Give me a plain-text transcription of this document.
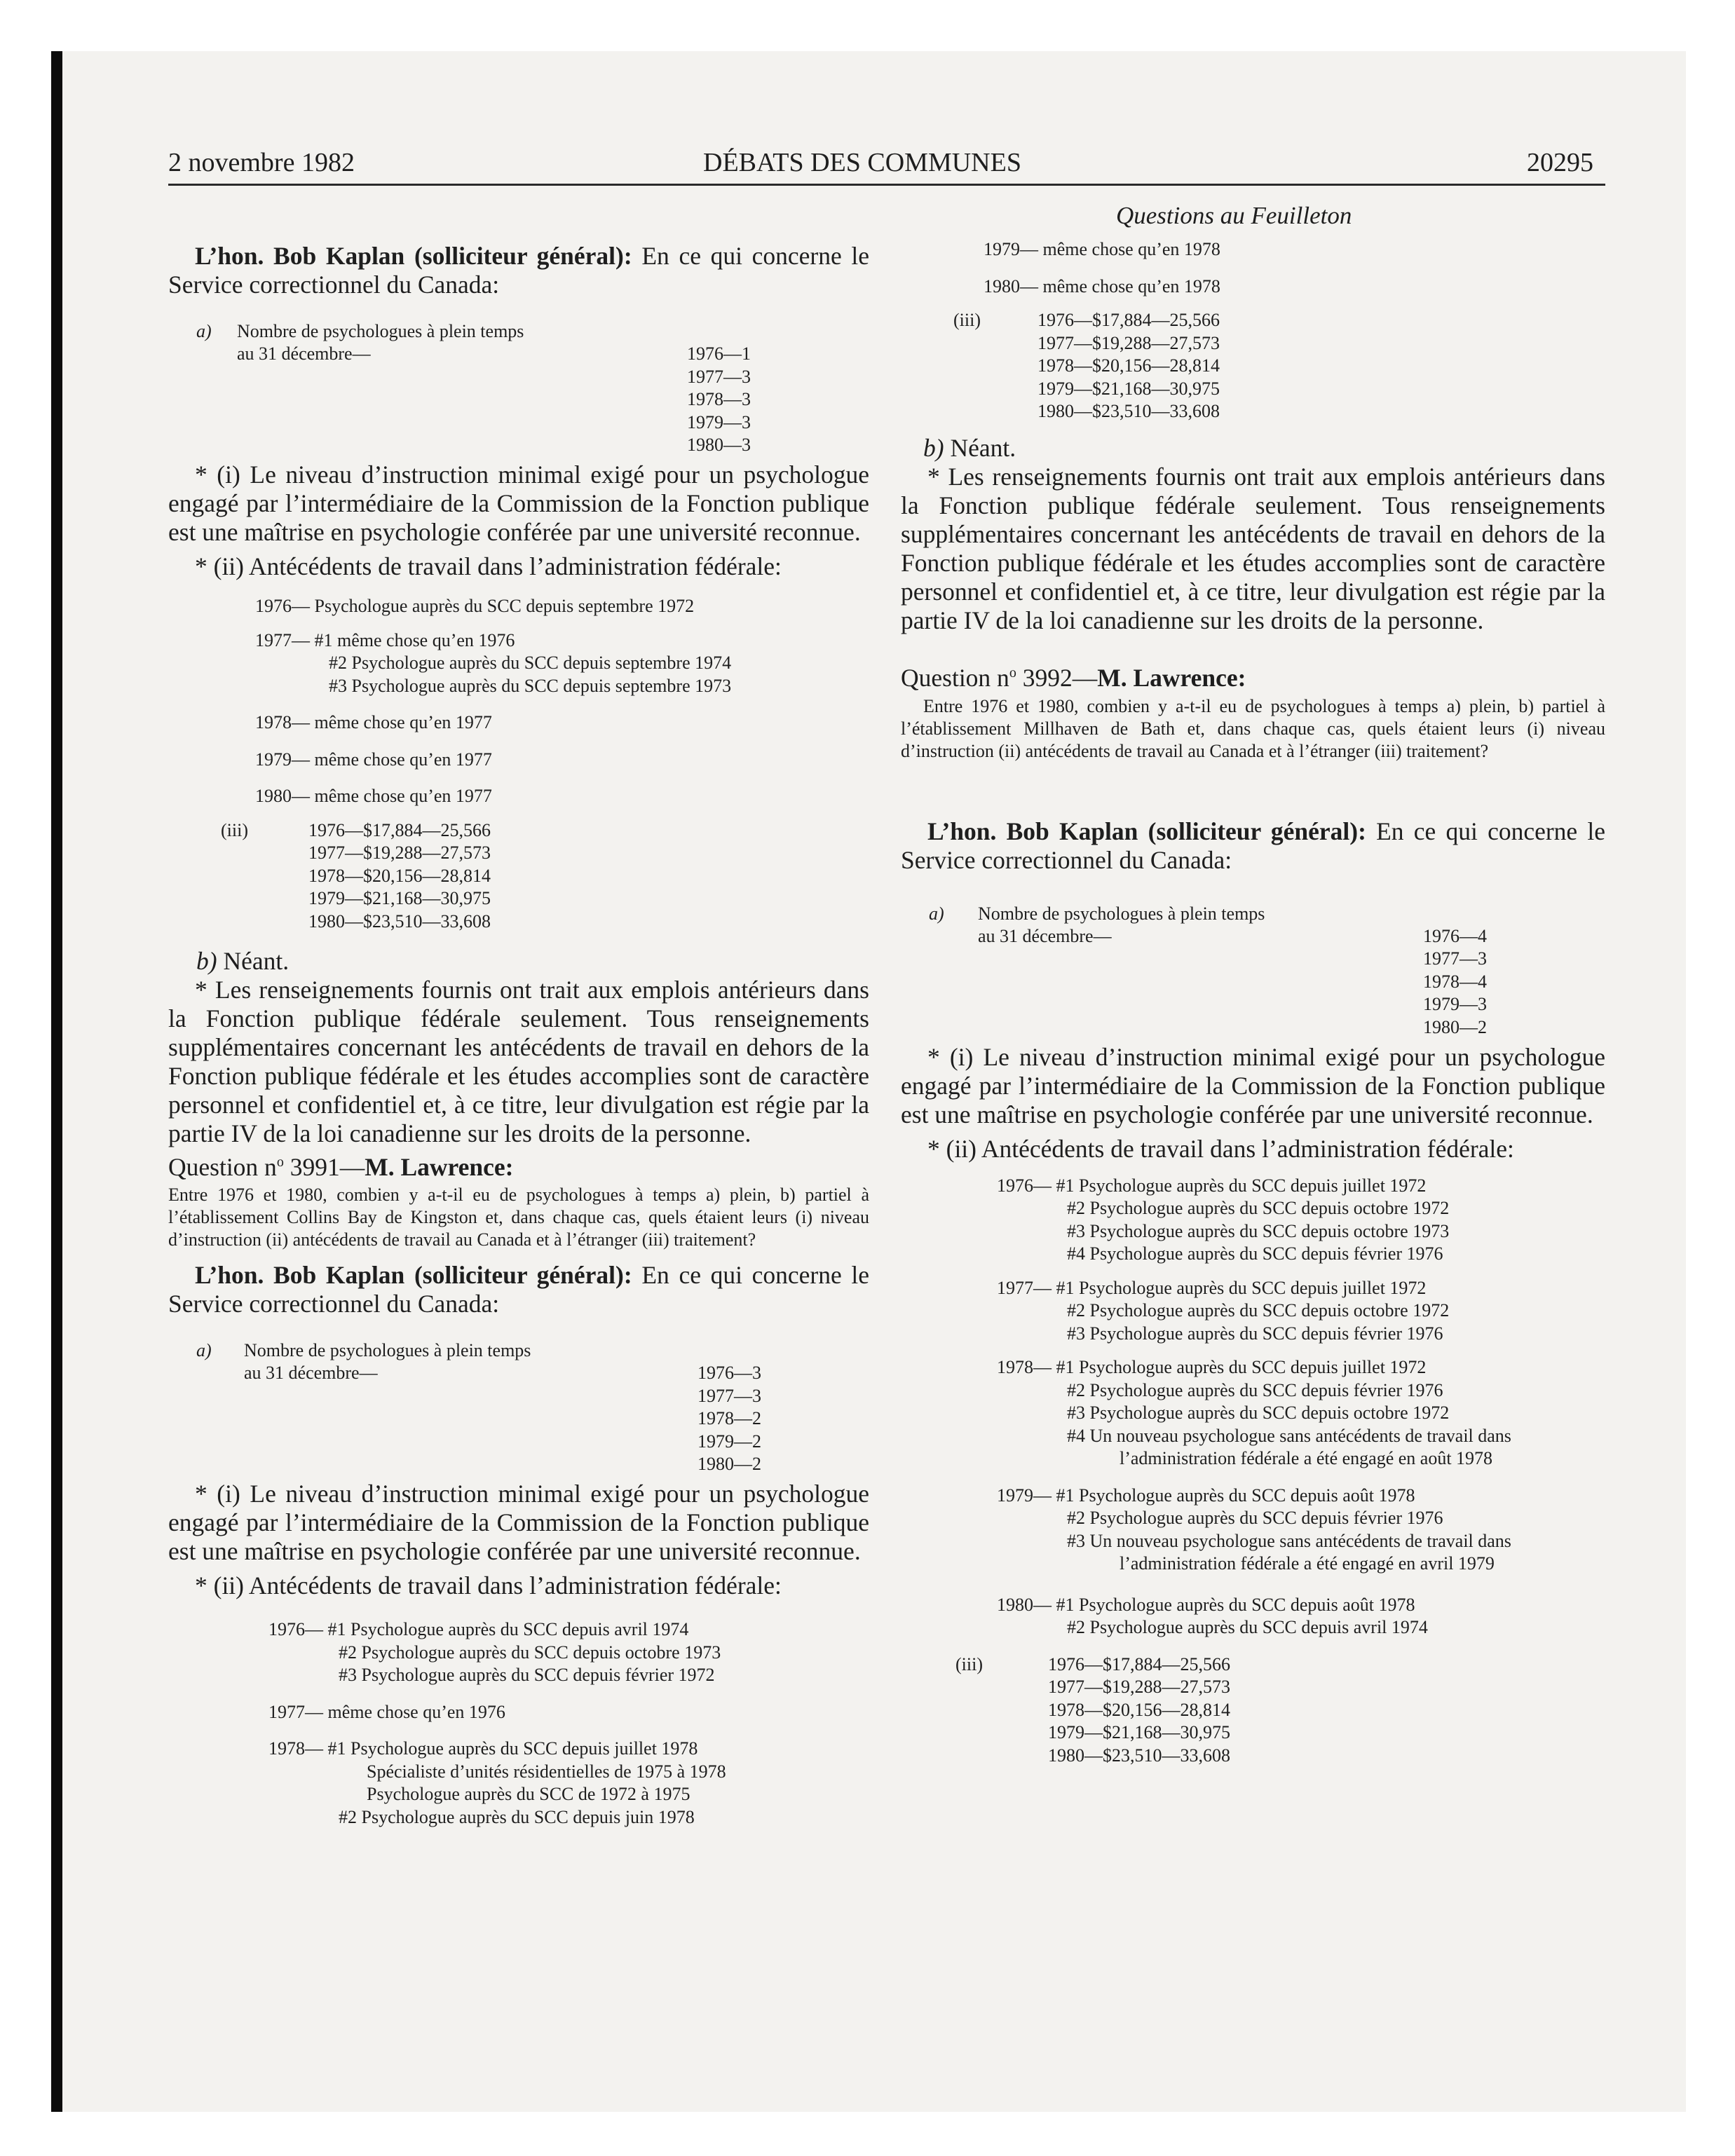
2 novembre 1982	DÉBATS DES COMMUNES	20295
Questions au Feuilleton

L’hon. Bob Kaplan (solliciteur général): En ce qui concerne le Service correctionnel du Canada:

a) Nombre de psychologues à plein temps
au 31 décembre—	1976—1
1977—3
1978—3
1979—3
1980—3

* (i) Le niveau d’instruction minimal exigé pour un psychologue engagé par l’intermédiaire de la Commission de la Fonction publique est une maîtrise en psychologie conférée par une université reconnue.

* (ii) Antécédents de travail dans l’administration fédérale:

1976— Psychologue auprès du SCC depuis septembre 1972
1977— #1 même chose qu’en 1976
#2 Psychologue auprès du SCC depuis septembre 1974
#3 Psychologue auprès du SCC depuis septembre 1973
1978— même chose qu’en 1977
1979— même chose qu’en 1977
1980— même chose qu’en 1977
(iii)	1976—$17,884—25,566
1977—$19,288—27,573
1978—$20,156—28,814
1979—$21,168—30,975
1980—$23,510—33,608

b) Néant.

* Les renseignements fournis ont trait aux emplois antérieurs dans la Fonction publique fédérale seulement. Tous renseignements supplémentaires concernant les antécédents de travail en dehors de la Fonction publique fédérale et les études accomplies sont de caractère personnel et confidentiel et, à ce titre, leur divulgation est régie par la partie IV de la loi canadienne sur les droits de la personne.

Question $n^o$ 3991—M. Lawrence:

Entre 1976 et 1980, combien y a-t-il eu de psychologues à temps a) plein, b) partiel à l’établissement Collins Bay de Kingston et, dans chaque cas, quels étaient leurs (i) niveau d’instruction (ii) antécédents de travail au Canada et à l’étranger (iii) traitement?

L’hon. Bob Kaplan (solliciteur général): En ce qui concerne le Service correctionnel du Canada:

a) Nombre de psychologues à plein temps
au 31 décembre—	1976—3
1977—3
1978—2
1979—2
1980—2

* (i) Le niveau d’instruction minimal exigé pour un psychologue engagé par l’intermédiaire de la Commission de la Fonction publique est une maîtrise en psychologie conférée par une université reconnue.

* (ii) Antécédents de travail dans l’administration fédérale:

1976— #1 Psychologue auprès du SCC depuis avril 1974
#2 Psychologue auprès du SCC depuis octobre 1973
#3 Psychologue auprès du SCC depuis février 1972
1977— même chose qu’en 1976
1978— #1 Psychologue auprès du SCC depuis juillet 1978
Spécialiste d’unités résidentielles de 1975 à 1978
Psychologue auprès du SCC de 1972 à 1975
#2 Psychologue auprès du SCC depuis juin 1978
1979— même chose qu’en 1978
1980— même chose qu’en 1978
(iii)	1976—$17,884—25,566
1977—$19,288—27,573
1978—$20,156—28,814
1979—$21,168—30,975
1980—$23,510—33,608

b) Néant.

* Les renseignements fournis ont trait aux emplois antérieurs dans la Fonction publique fédérale seulement. Tous renseignements supplémentaires concernant les antécédents de travail en dehors de la Fonction publique fédérale et les études accomplies sont de caractère personnel et confidentiel et, à ce titre, leur divulgation est régie par la partie IV de la loi canadienne sur les droits de la personne.

Question $n^o$ 3992—M. Lawrence:

Entre 1976 et 1980, combien y a-t-il eu de psychologues à temps a) plein, b) partiel à l’établissement Millhaven de Bath et, dans chaque cas, quels étaient leurs (i) niveau d’instruction (ii) antécédents de travail au Canada et à l’étranger (iii) traitement?

L’hon. Bob Kaplan (solliciteur général): En ce qui concerne le Service correctionnel du Canada:

a) Nombre de psychologues à plein temps
au 31 décembre—	1976—4
1977—3
1978—4
1979—3
1980—2

* (i) Le niveau d’instruction minimal exigé pour un psychologue engagé par l’intermédiaire de la Commission de la Fonction publique est une maîtrise en psychologie conférée par une université reconnue.

* (ii) Antécédents de travail dans l’administration fédérale:

1976— #1 Psychologue auprès du SCC depuis juillet 1972
#2 Psychologue auprès du SCC depuis octobre 1972
#3 Psychologue auprès du SCC depuis octobre 1973
#4 Psychologue auprès du SCC depuis février 1976
1977— #1 Psychologue auprès du SCC depuis juillet 1972
#2 Psychologue auprès du SCC depuis octobre 1972
#3 Psychologue auprès du SCC depuis février 1976
1978— #1 Psychologue auprès du SCC depuis juillet 1972
#2 Psychologue auprès du SCC depuis février 1976
#3 Psychologue auprès du SCC depuis octobre 1972
#4 Un nouveau psychologue sans antécédents de travail dans
l’administration fédérale a été engagé en août 1978
1979— #1 Psychologue auprès du SCC depuis août 1978
#2 Psychologue auprès du SCC depuis février 1976
#3 Un nouveau psychologue sans antécédents de travail dans
l’administration fédérale a été engagé en avril 1979
1980— #1 Psychologue auprès du SCC depuis août 1978
#2 Psychologue auprès du SCC depuis avril 1974
(iii)	1976—$17,884—25,566
1977—$19,288—27,573
1978—$20,156—28,814
1979—$21,168—30,975
1980—$23,510—33,608
